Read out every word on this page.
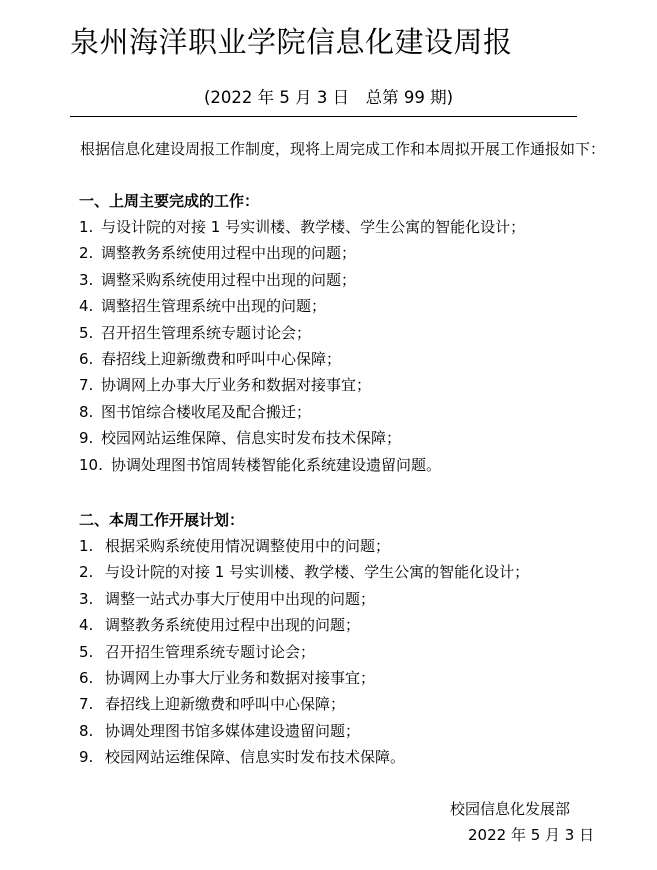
泉州海洋职业学院信息化建设周报
(2022 年 5 月 3 日　总第 99 期)
根据信息化建设周报工作制度，现将上周完成工作和本周拟开展工作通报如下：
一、上周主要完成的工作：
1. 与设计院的对接 1 号实训楼、教学楼、学生公寓的智能化设计；
2. 调整教务系统使用过程中出现的问题；
3. 调整采购系统使用过程中出现的问题；
4. 调整招生管理系统中出现的问题；
5. 召开招生管理系统专题讨论会；
6. 春招线上迎新缴费和呼叫中心保障；
7. 协调网上办事大厅业务和数据对接事宜；
8. 图书馆综合楼收尾及配合搬迁；
9. 校园网站运维保障、信息实时发布技术保障；
10. 协调处理图书馆周转楼智能化系统建设遗留问题。
二、本周工作开展计划：
1. 根据采购系统使用情况调整使用中的问题；
2. 与设计院的对接 1 号实训楼、教学楼、学生公寓的智能化设计；
3. 调整一站式办事大厅使用中出现的问题；
4. 调整教务系统使用过程中出现的问题；
5. 召开招生管理系统专题讨论会；
6. 协调网上办事大厅业务和数据对接事宜；
7. 春招线上迎新缴费和呼叫中心保障；
8. 协调处理图书馆多媒体建设遗留问题；
9. 校园网站运维保障、信息实时发布技术保障。
校园信息化发展部
2022 年 5 月 3 日
